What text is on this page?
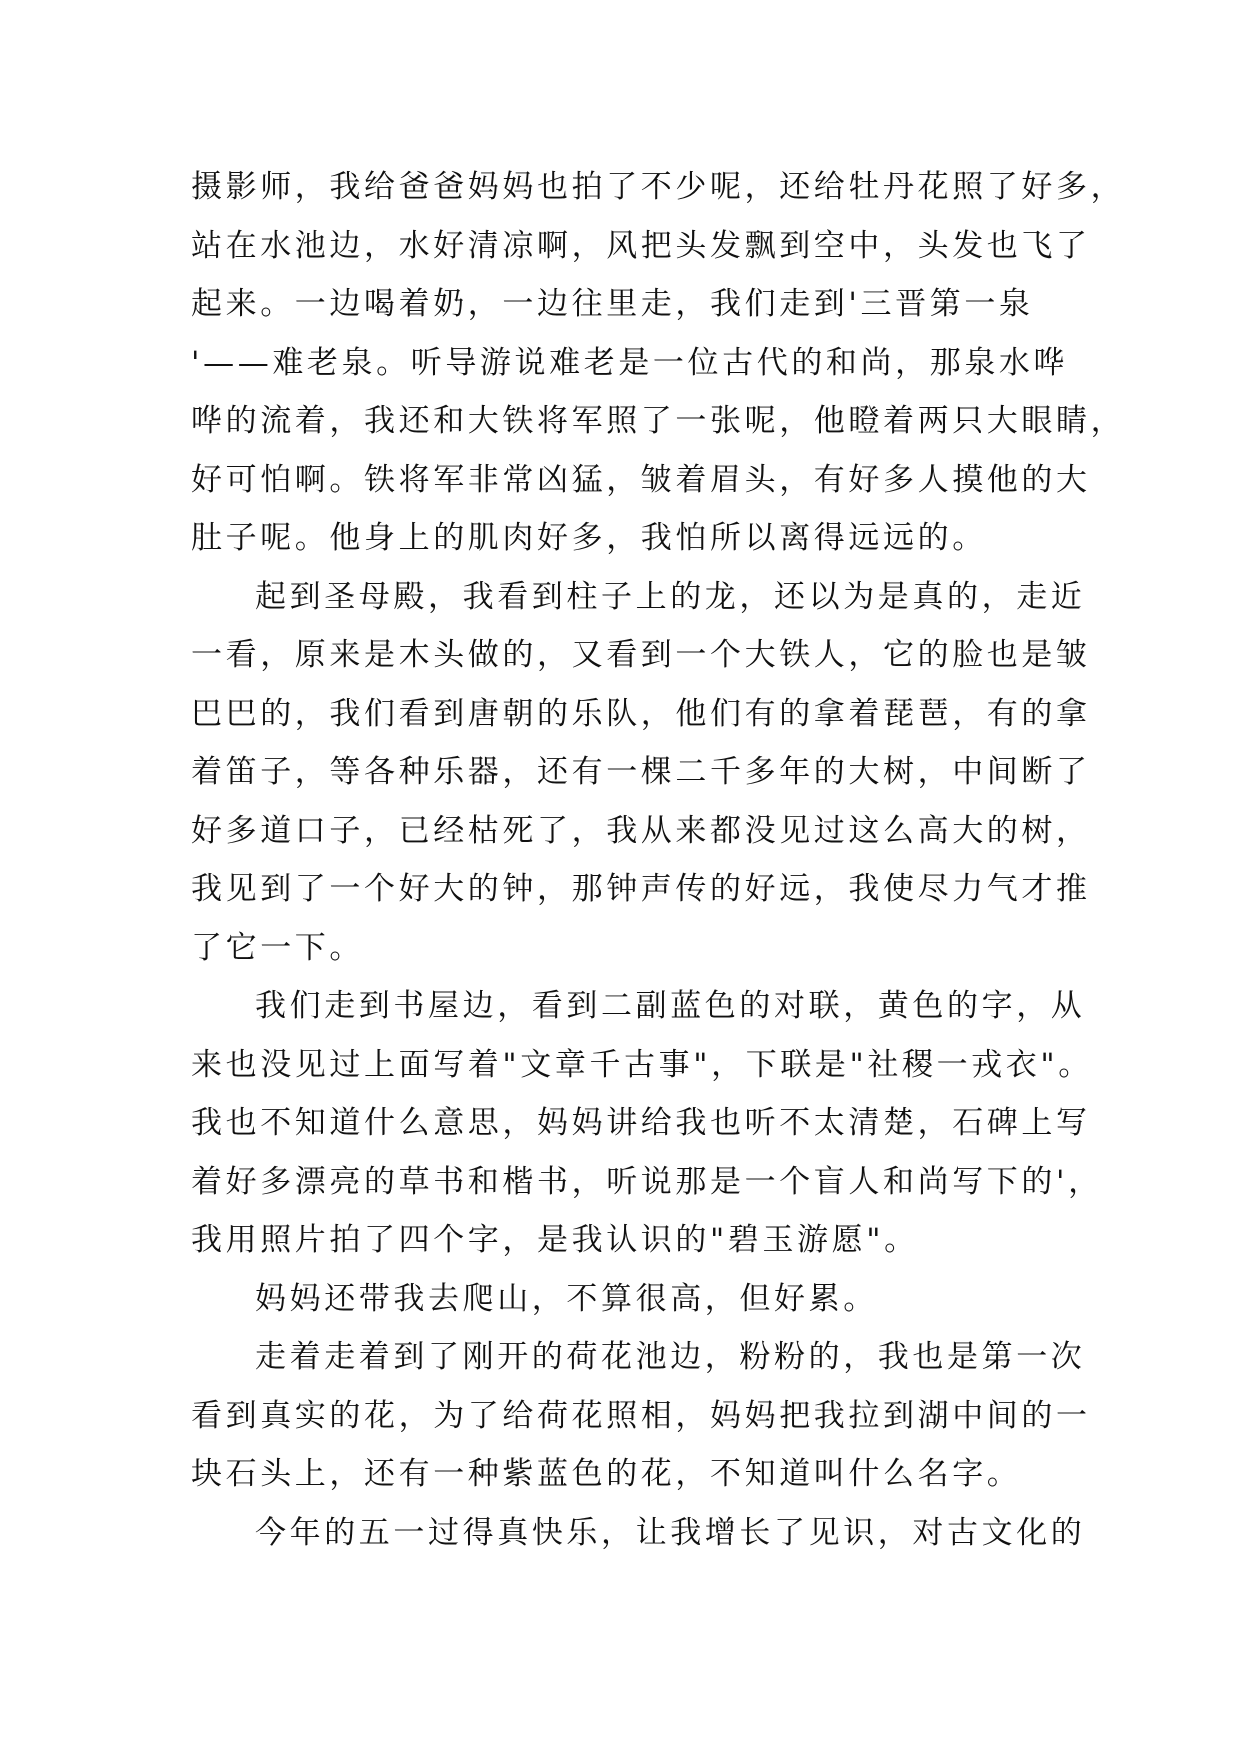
摄影师，我给爸爸妈妈也拍了不少呢，还给牡丹花照了好多，
站在水池边，水好清凉啊，风把头发飘到空中，头发也飞了
起来。一边喝着奶，一边往里走，我们走到'三晋第一泉
'——难老泉。听导游说难老是一位古代的和尚，那泉水哗
哗的流着，我还和大铁将军照了一张呢，他瞪着两只大眼睛，
好可怕啊。铁将军非常凶猛，皱着眉头，有好多人摸他的大
肚子呢。他身上的肌肉好多，我怕所以离得远远的。
起到圣母殿，我看到柱子上的龙，还以为是真的，走近
一看，原来是木头做的，又看到一个大铁人，它的脸也是皱
巴巴的，我们看到唐朝的乐队，他们有的拿着琵琶，有的拿
着笛子，等各种乐器，还有一棵二千多年的大树，中间断了
好多道口子，已经枯死了，我从来都没见过这么高大的树，
我见到了一个好大的钟，那钟声传的好远，我使尽力气才推
了它一下。
我们走到书屋边，看到二副蓝色的对联，黄色的字，从
来也没见过上面写着"文章千古事"，下联是"社稷一戎衣"。
我也不知道什么意思，妈妈讲给我也听不太清楚，石碑上写
着好多漂亮的草书和楷书，听说那是一个盲人和尚写下的'，
我用照片拍了四个字，是我认识的"碧玉游愿"。
妈妈还带我去爬山，不算很高，但好累。
走着走着到了刚开的荷花池边，粉粉的，我也是第一次
看到真实的花，为了给荷花照相，妈妈把我拉到湖中间的一
块石头上，还有一种紫蓝色的花，不知道叫什么名字。
今年的五一过得真快乐，让我增长了见识，对古文化的
